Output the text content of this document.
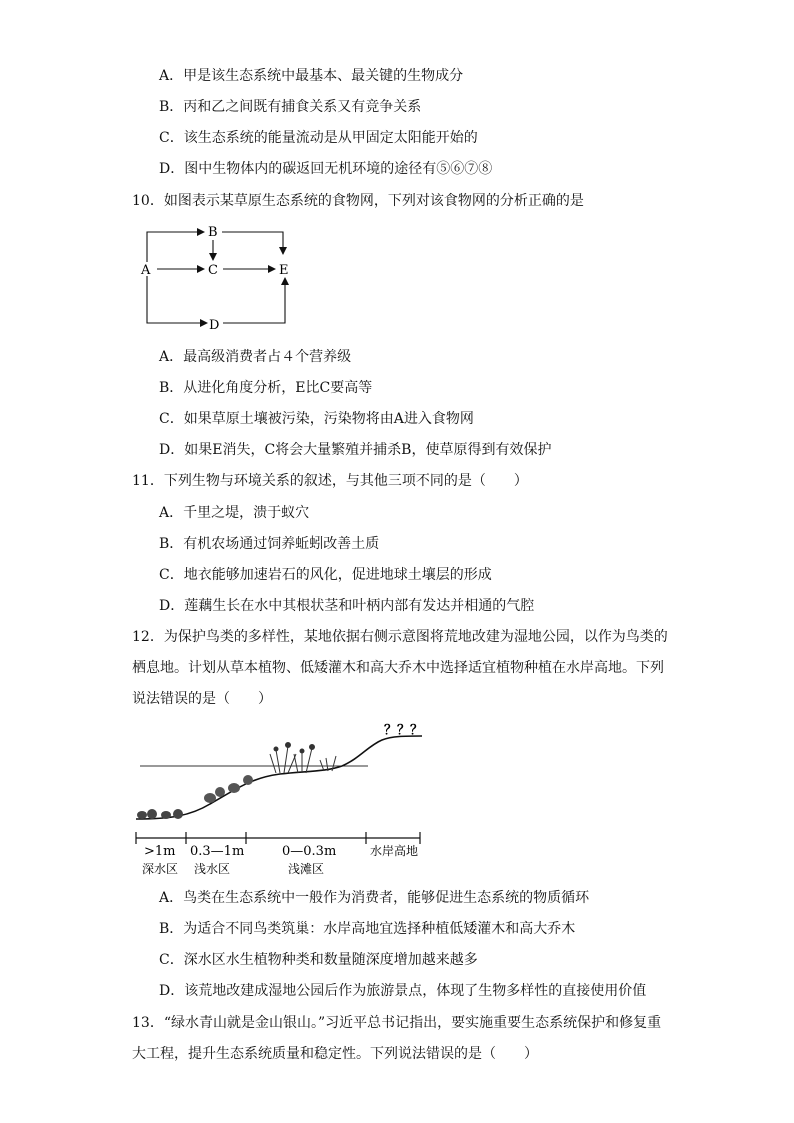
A．甲是该生态系统中最基本、最关键的生物成分
B．丙和乙之间既有捕食关系又有竞争关系
C．该生态系统的能量流动是从甲固定太阳能开始的
D．图中生物体内的碳返回无机环境的途径有⑤⑥⑦⑧
10．如图表示某草原生态系统的食物网，下列对该食物网的分析正确的是
A
B
C
D
E
A．最高级消费者占４个营养级
B．从进化角度分析，E比C要高等
C．如果草原土壤被污染，污染物将由A进入食物网
D．如果E消失，C将会大量繁殖并捕杀B，使草原得到有效保护
11．下列生物与环境关系的叙述，与其他三项不同的是（　　）
A．千里之堤，溃于蚁穴
B．有机农场通过饲养蚯蚓改善土质
C．地衣能够加速岩石的风化，促进地球土壤层的形成
D．莲藕生长在水中其根状茎和叶柄内部有发达并相通的气腔
12．为保护鸟类的多样性，某地依据右侧示意图将荒地改建为湿地公园，以作为鸟类的
栖息地。计划从草本植物、低矮灌木和高大乔木中选择适宜植物种植在水岸高地。下列
说法错误的是（　　）
？？？
>1m 0.3—1m	0—0.3m
深水区 浅水区	浅滩区
水岸高地
A．鸟类在生态系统中一般作为消费者，能够促进生态系统的物质循环
B．为适合不同鸟类筑巢：水岸高地宜选择种植低矮灌木和高大乔木
C．深水区水生植物种类和数量随深度增加越来越多
D．该荒地改建成湿地公园后作为旅游景点，体现了生物多样性的直接使用价值
13．“绿水青山就是金山银山。”习近平总书记指出，要实施重要生态系统保护和修复重
大工程，提升生态系统质量和稳定性。下列说法错误的是（　　）
